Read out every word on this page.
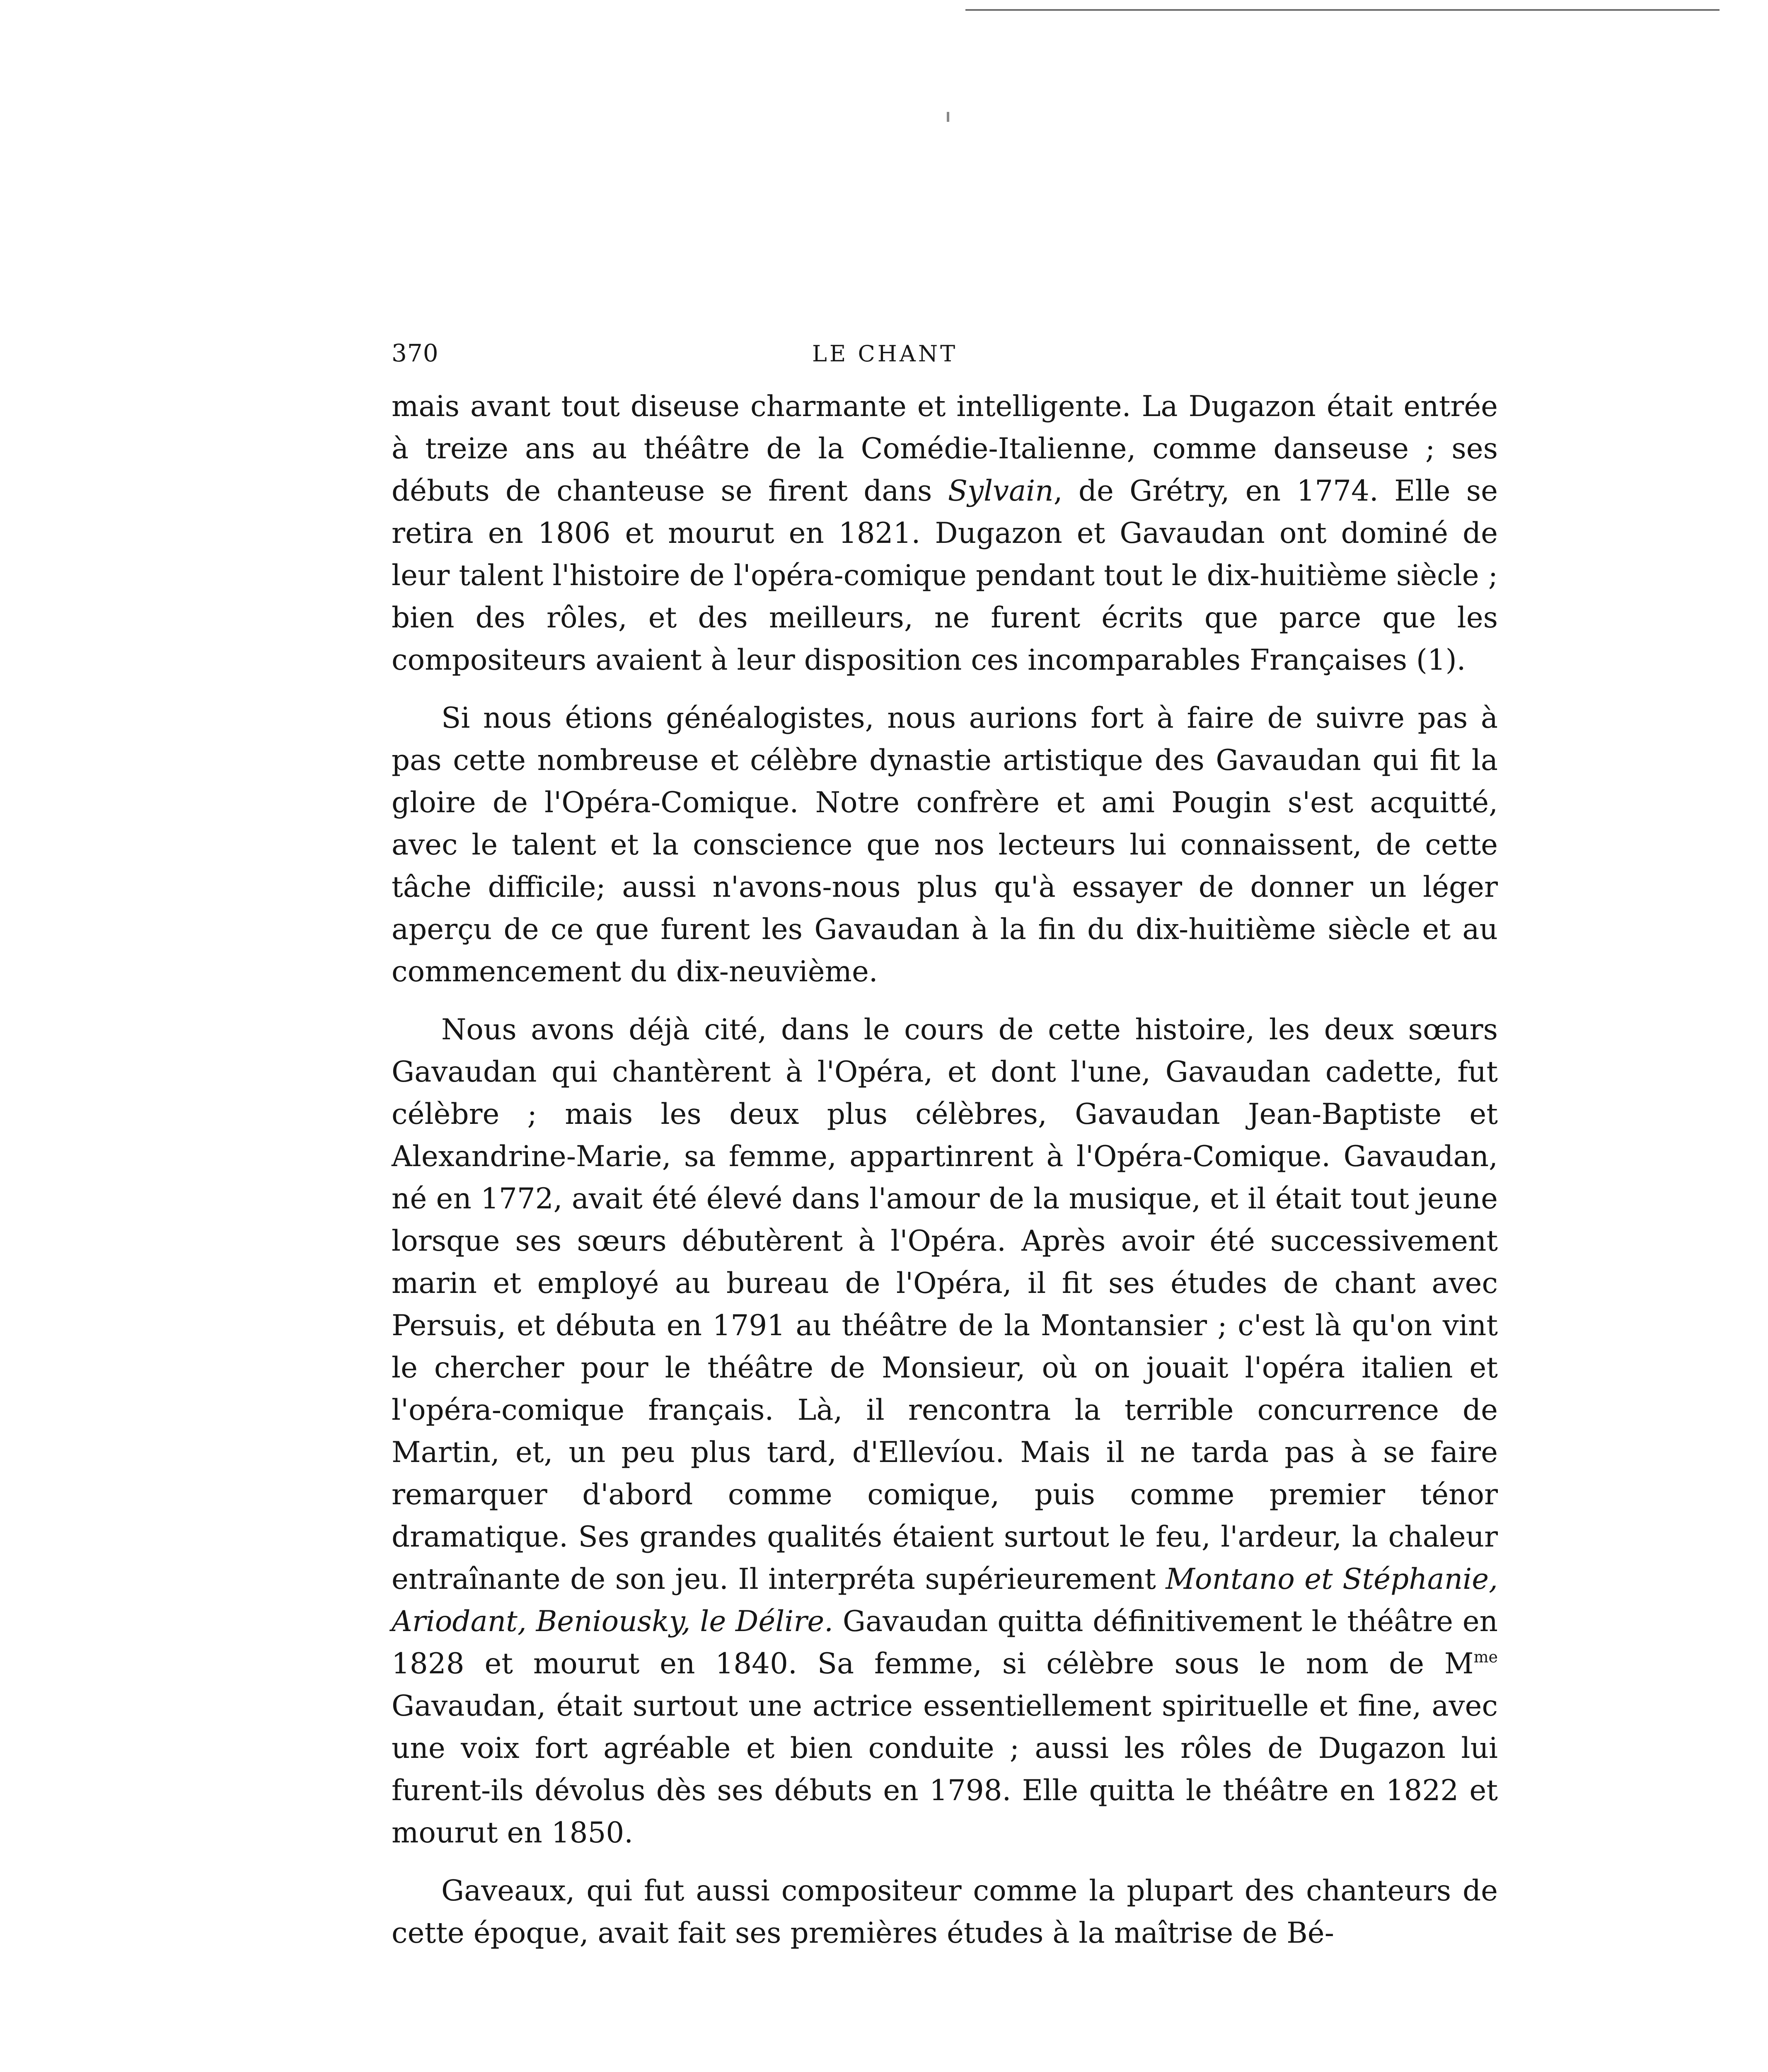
370	LE CHANT

mais avant tout diseuse charmante et intelligente. La Dugazon était entrée à treize ans au théâtre de la Comédie-Italienne, comme danseuse ; ses débuts de chanteuse se firent dans Sylvain, de Grétry, en 1774. Elle se retira en 1806 et mourut en 1821. Dugazon et Gavaudan ont dominé de leur talent l'histoire de l'opéra-comique pendant tout le dix-huitième siècle ; bien des rôles, et des meilleurs, ne furent écrits que parce que les compositeurs avaient à leur disposition ces incomparables Françaises (1).

Si nous étions généalogistes, nous aurions fort à faire de suivre pas à pas cette nombreuse et célèbre dynastie artistique des Gavaudan qui fit la gloire de l'Opéra-Comique. Notre confrère et ami Pougin s'est acquitté, avec le talent et la conscience que nos lecteurs lui connaissent, de cette tâche difficile; aussi n'avons-nous plus qu'à essayer de donner un léger aperçu de ce que furent les Gavaudan à la fin du dix-huitième siècle et au commencement du dix-neuvième.

Nous avons déjà cité, dans le cours de cette histoire, les deux sœurs Gavaudan qui chantèrent à l'Opéra, et dont l'une, Gavaudan cadette, fut célèbre ; mais les deux plus célèbres, Gavaudan Jean-Baptiste et Alexandrine-Marie, sa femme, appartinrent à l'Opéra-Comique. Gavaudan, né en 1772, avait été élevé dans l'amour de la musique, et il était tout jeune lorsque ses sœurs débutèrent à l'Opéra. Après avoir été successivement marin et employé au bureau de l'Opéra, il fit ses études de chant avec Persuis, et débuta en 1791 au théâtre de la Montansier ; c'est là qu'on vint le chercher pour le théâtre de Monsieur, où on jouait l'opéra italien et l'opéra-comique français. Là, il rencontra la terrible concurrence de Martin, et, un peu plus tard, d'Ellevíou. Mais il ne tarda pas à se faire remarquer d'abord comme comique, puis comme premier ténor dramatique. Ses grandes qualités étaient surtout le feu, l'ardeur, la chaleur entraînante de son jeu. Il interpréta supérieurement Montano et Stéphanie, Ariodant, Beniousky, le Délire. Gavaudan quitta définitivement le théâtre en 1828 et mourut en 1840. Sa femme, si célèbre sous le nom de $M^{me}$ Gavaudan, était surtout une actrice essentiellement spirituelle et fine, avec une voix fort agréable et bien conduite ; aussi les rôles de Dugazon lui furent-ils dévolus dès ses débuts en 1798. Elle quitta le théâtre en 1822 et mourut en 1850.

Gaveaux, qui fut aussi compositeur comme la plupart des chanteurs de cette époque, avait fait ses premières études à la maîtrise de Bé-
